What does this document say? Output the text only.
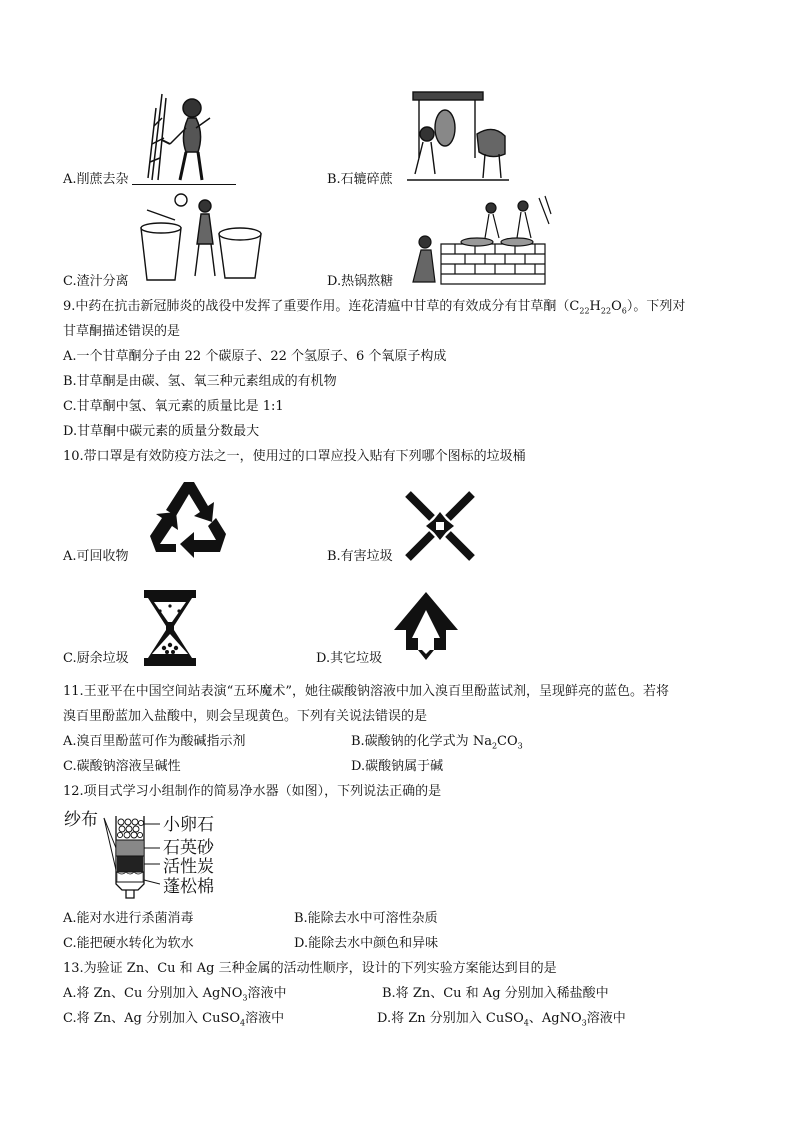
A.削蔗去杂	B.石辘碎蔗
C.渣汁分离	D.热锅熬糖
9.中药在抗击新冠肺炎的战役中发挥了重要作用。连花清瘟中甘草的有效成分有甘草酮$(C_{22}H_{22}O_6)$。下列对
甘草酮描述错误的是
A.一个甘草酮分子由 22 个碳原子、22 个氢原子、6 个氧原子构成
B.甘草酮是由碳、氢、氧三种元素组成的有机物
C.甘草酮中氢、氧元素的质量比是 1:1
D.甘草酮中碳元素的质量分数最大
10.带口罩是有效防疫方法之一，使用过的口罩应投入贴有下列哪个图标的垃圾桶
A.可回收物	B.有害垃圾
C.厨余垃圾	D.其它垃圾
11.王亚平在中国空间站表演“五环魔术”，她往碳酸钠溶液中加入溴百里酚蓝试剂，呈现鲜亮的蓝色。若将
溴百里酚蓝加入盐酸中，则会呈现黄色。下列有关说法错误的是
A.溴百里酚蓝可作为酸碱指示剂	B.碳酸钠的化学式为 $Na_2CO_3$
C.碳酸钠溶液呈碱性	D.碳酸钠属于碱
12.项目式学习小组制作的简易净水器（如图），下列说法正确的是
纱布	小卵石
石英砂
活性炭
蓬松棉
A.能对水进行杀菌消毒	B.能除去水中可溶性杂质
C.能把硬水转化为软水	D.能除去水中颜色和异味
13.为验证 Zn、Cu 和 Ag 三种金属的活动性顺序，设计的下列实验方案能达到目的是
A.将 Zn、Cu 分别加入 AgNO$_3$溶液中	B.将 Zn、Cu 和 Ag 分别加入稀盐酸中
C.将 Zn、Ag 分别加入 CuSO$_4$溶液中	D.将 Zn 分别加入 CuSO$_4$、AgNO$_3$溶液中
